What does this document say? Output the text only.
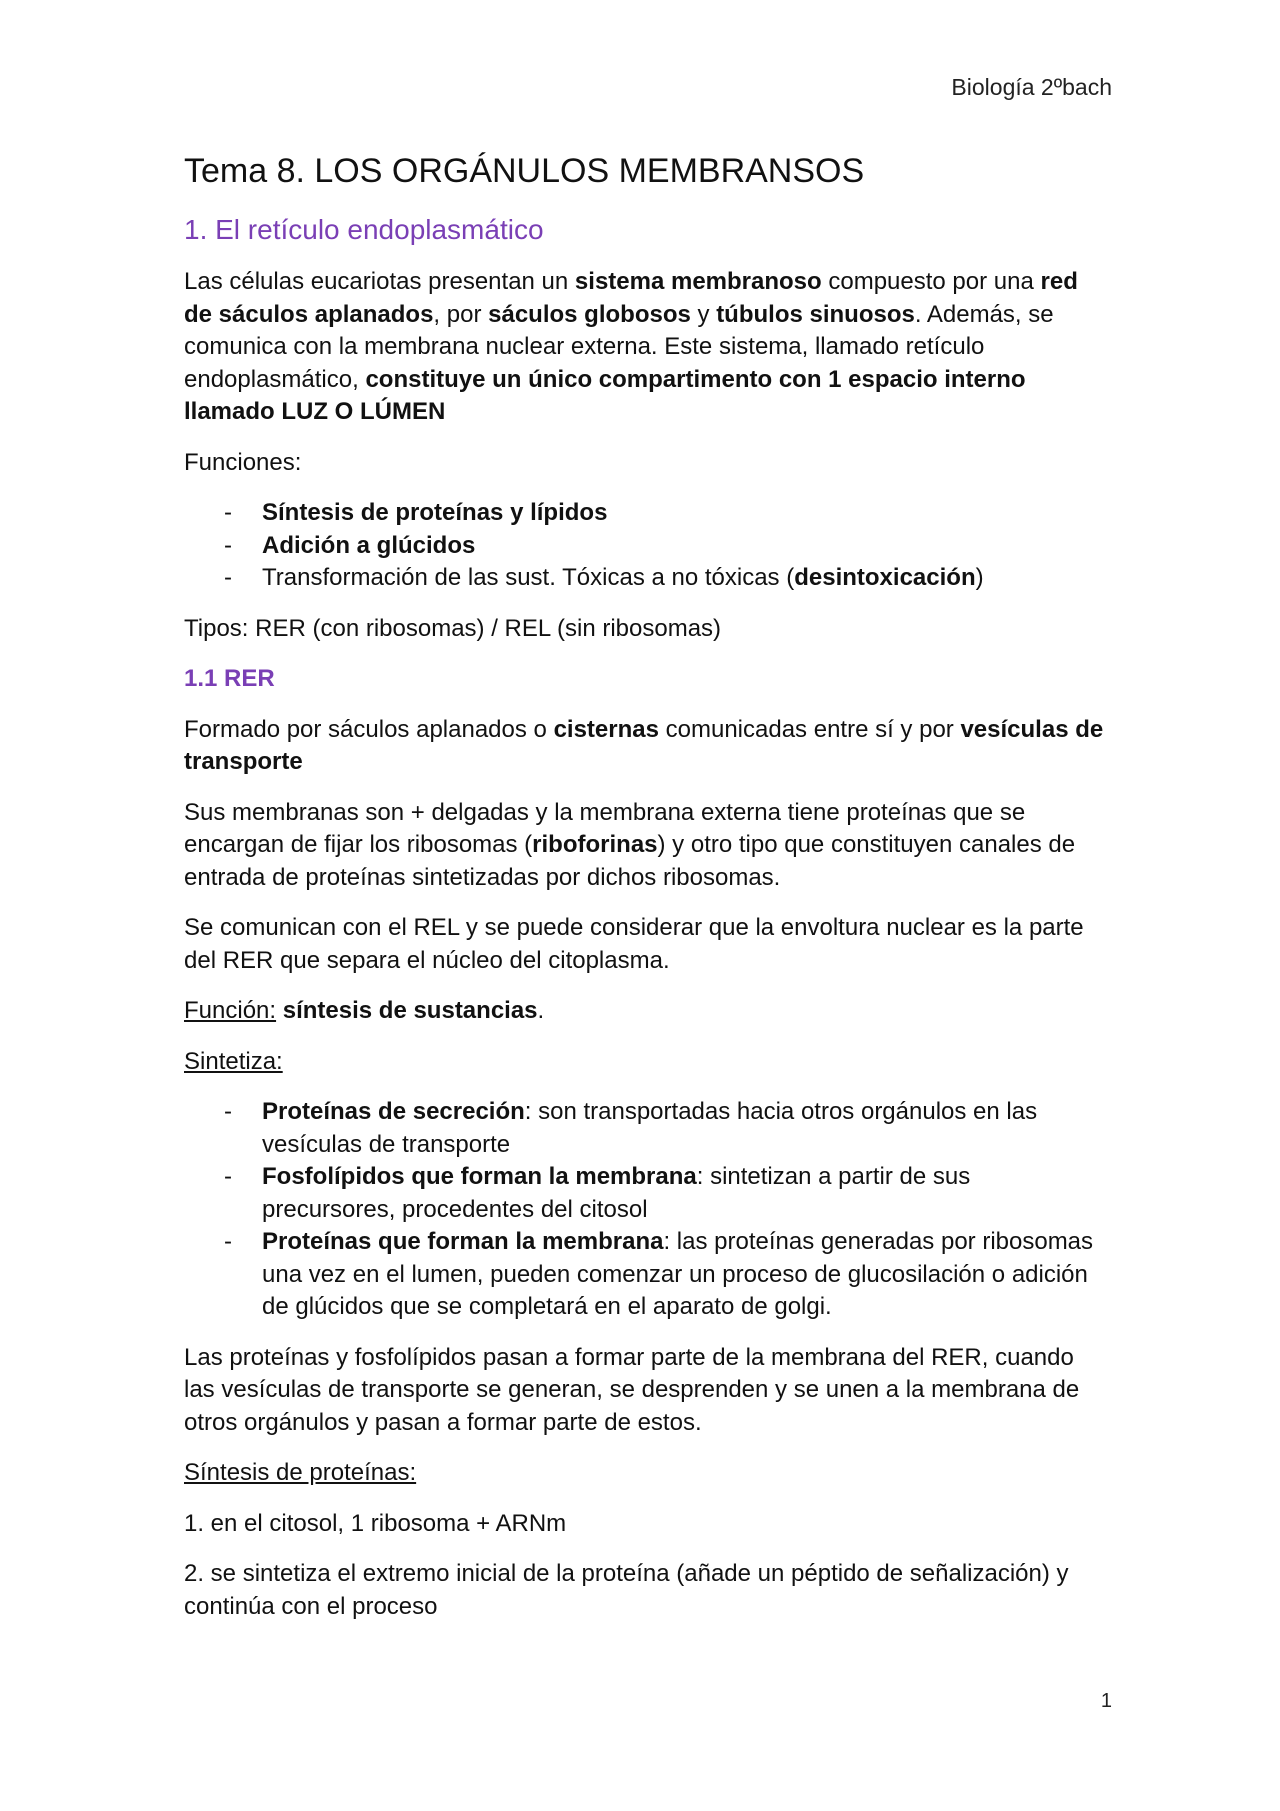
Biología 2ºbach
Tema 8. LOS ORGÁNULOS MEMBRANSOS
1. El retículo endoplasmático

Las células eucariotas presentan un sistema membranoso compuesto por una red de sáculos aplanados, por sáculos globosos y túbulos sinuosos. Además, se comunica con la membrana nuclear externa. Este sistema, llamado retículo endoplasmático, constituye un único compartimento con 1 espacio interno llamado LUZ O LÚMEN

Funciones:

- Síntesis de proteínas y lípidos
- Adición a glúcidos
- Transformación de las sust. Tóxicas a no tóxicas (desintoxicación)

Tipos: RER (con ribosomas) / REL (sin ribosomas)

1.1 RER

Formado por sáculos aplanados o cisternas comunicadas entre sí y por vesículas de transporte

Sus membranas son + delgadas y la membrana externa tiene proteínas que se encargan de fijar los ribosomas (riboforinas) y otro tipo que constituyen canales de entrada de proteínas sintetizadas por dichos ribosomas.

Se comunican con el REL y se puede considerar que la envoltura nuclear es la parte del RER que separa el núcleo del citoplasma.

Función: síntesis de sustancias.

Sintetiza:

- Proteínas de secreción: son transportadas hacia otros orgánulos en las vesículas de transporte
- Fosfolípidos que forman la membrana: sintetizan a partir de sus precursores, procedentes del citosol
- Proteínas que forman la membrana: las proteínas generadas por ribosomas una vez en el lumen, pueden comenzar un proceso de glucosilación o adición de glúcidos que se completará en el aparato de golgi.

Las proteínas y fosfolípidos pasan a formar parte de la membrana del RER, cuando las vesículas de transporte se generan, se desprenden y se unen a la membrana de otros orgánulos y pasan a formar parte de estos.

Síntesis de proteínas:

1. en el citosol, 1 ribosoma + ARNm

2. se sintetiza el extremo inicial de la proteína (añade un péptido de señalización) y continúa con el proceso

1
